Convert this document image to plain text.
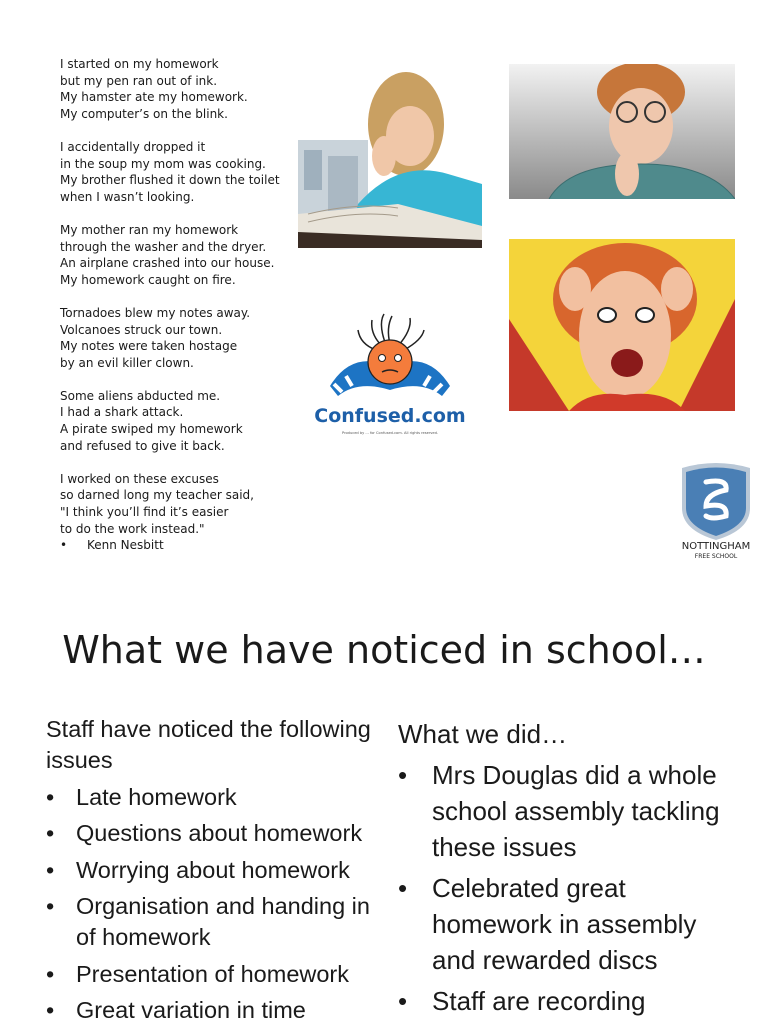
I started on my homework
but my pen ran out of ink.
My hamster ate my homework.
My computer’s on the blink.
I accidentally dropped it
in the soup my mom was cooking.
My brother flushed it down the toilet
when I wasn’t looking.
My mother ran my homework
through the washer and the dryer.
An airplane crashed into our house.
My homework caught on fire.
Tornadoes blew my notes away.
Volcanoes struck our town.
My notes were taken hostage
by an evil killer clown.
Some aliens abducted me.
I had a shark attack.
A pirate swiped my homework
and refused to give it back.
I worked on these excuses
so darned long my teacher said,
"I think you’ll find it’s easier
to do the work instead."
• Kenn Nesbitt
Confused.com
Produced by ... for Confused.com. All rights reserved.
NOTTINGHAM
FREE SCHOOL
What we have noticed in school…
Staff have noticed the following issues
• Late homework
• Questions about homework
• Worrying about homework
• Organisation and handing in of homework
• Presentation of homework
• Great variation in time
What we did…
• Mrs Douglas did a whole school assembly tackling these issues
• Celebrated great homework in assembly and rewarded discs
• Staff are recording
